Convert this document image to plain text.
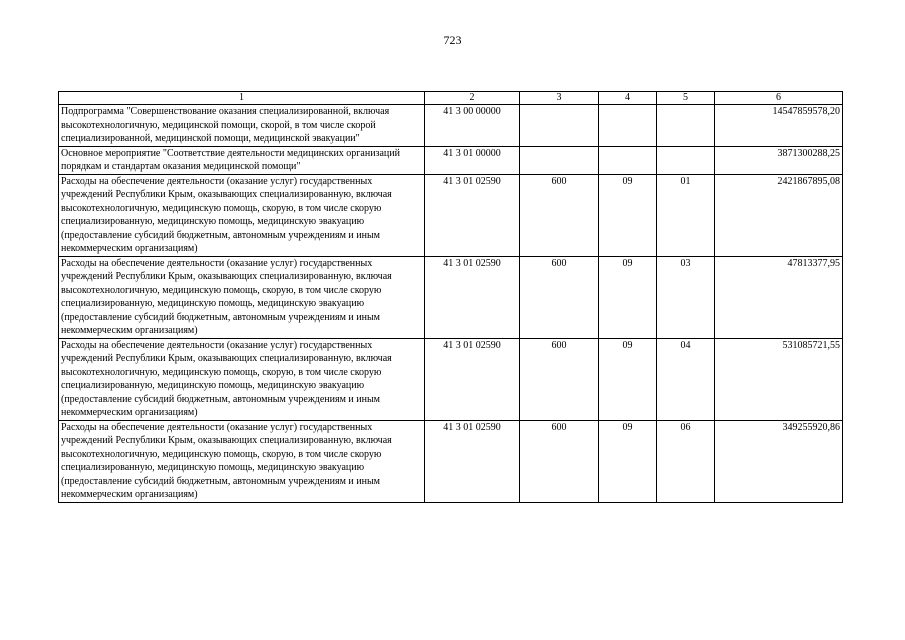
723
1	2	3	4	5	6
Подпрограмма "Совершенствование оказания специализированной, включая высокотехнологичную, медицинской помощи, скорой, в том числе скорой специализированной, медицинской помощи, медицинской эвакуации"	41 3 00 00000				14547859578,20
Основное мероприятие "Соответствие деятельности медицинских организаций порядкам и стандартам оказания медицинской помощи"	41 3 01 00000				3871300288,25
Расходы на обеспечение деятельности (оказание услуг) государственных учреждений Республики Крым, оказывающих специализированную, включая высокотехнологичную, медицинскую помощь, скорую, в том числе скорую специализированную, медицинскую помощь, медицинскую эвакуацию (предоставление субсидий бюджетным, автономным учреждениям и иным некоммерческим организациям)	41 3 01 02590	600	09	01	2421867895,08
Расходы на обеспечение деятельности (оказание услуг) государственных учреждений Республики Крым, оказывающих специализированную, включая высокотехнологичную, медицинскую помощь, скорую, в том числе скорую специализированную, медицинскую помощь, медицинскую эвакуацию (предоставление субсидий бюджетным, автономным учреждениям и иным некоммерческим организациям)	41 3 01 02590	600	09	03	47813377,95
Расходы на обеспечение деятельности (оказание услуг) государственных учреждений Республики Крым, оказывающих специализированную, включая высокотехнологичную, медицинскую помощь, скорую, в том числе скорую специализированную, медицинскую помощь, медицинскую эвакуацию (предоставление субсидий бюджетным, автономным учреждениям и иным некоммерческим организациям)	41 3 01 02590	600	09	04	531085721,55
Расходы на обеспечение деятельности (оказание услуг) государственных учреждений Республики Крым, оказывающих специализированную, включая высокотехнологичную, медицинскую помощь, скорую, в том числе скорую специализированную, медицинскую помощь, медицинскую эвакуацию (предоставление субсидий бюджетным, автономным учреждениям и иным некоммерческим организациям)	41 3 01 02590	600	09	06	349255920,86
